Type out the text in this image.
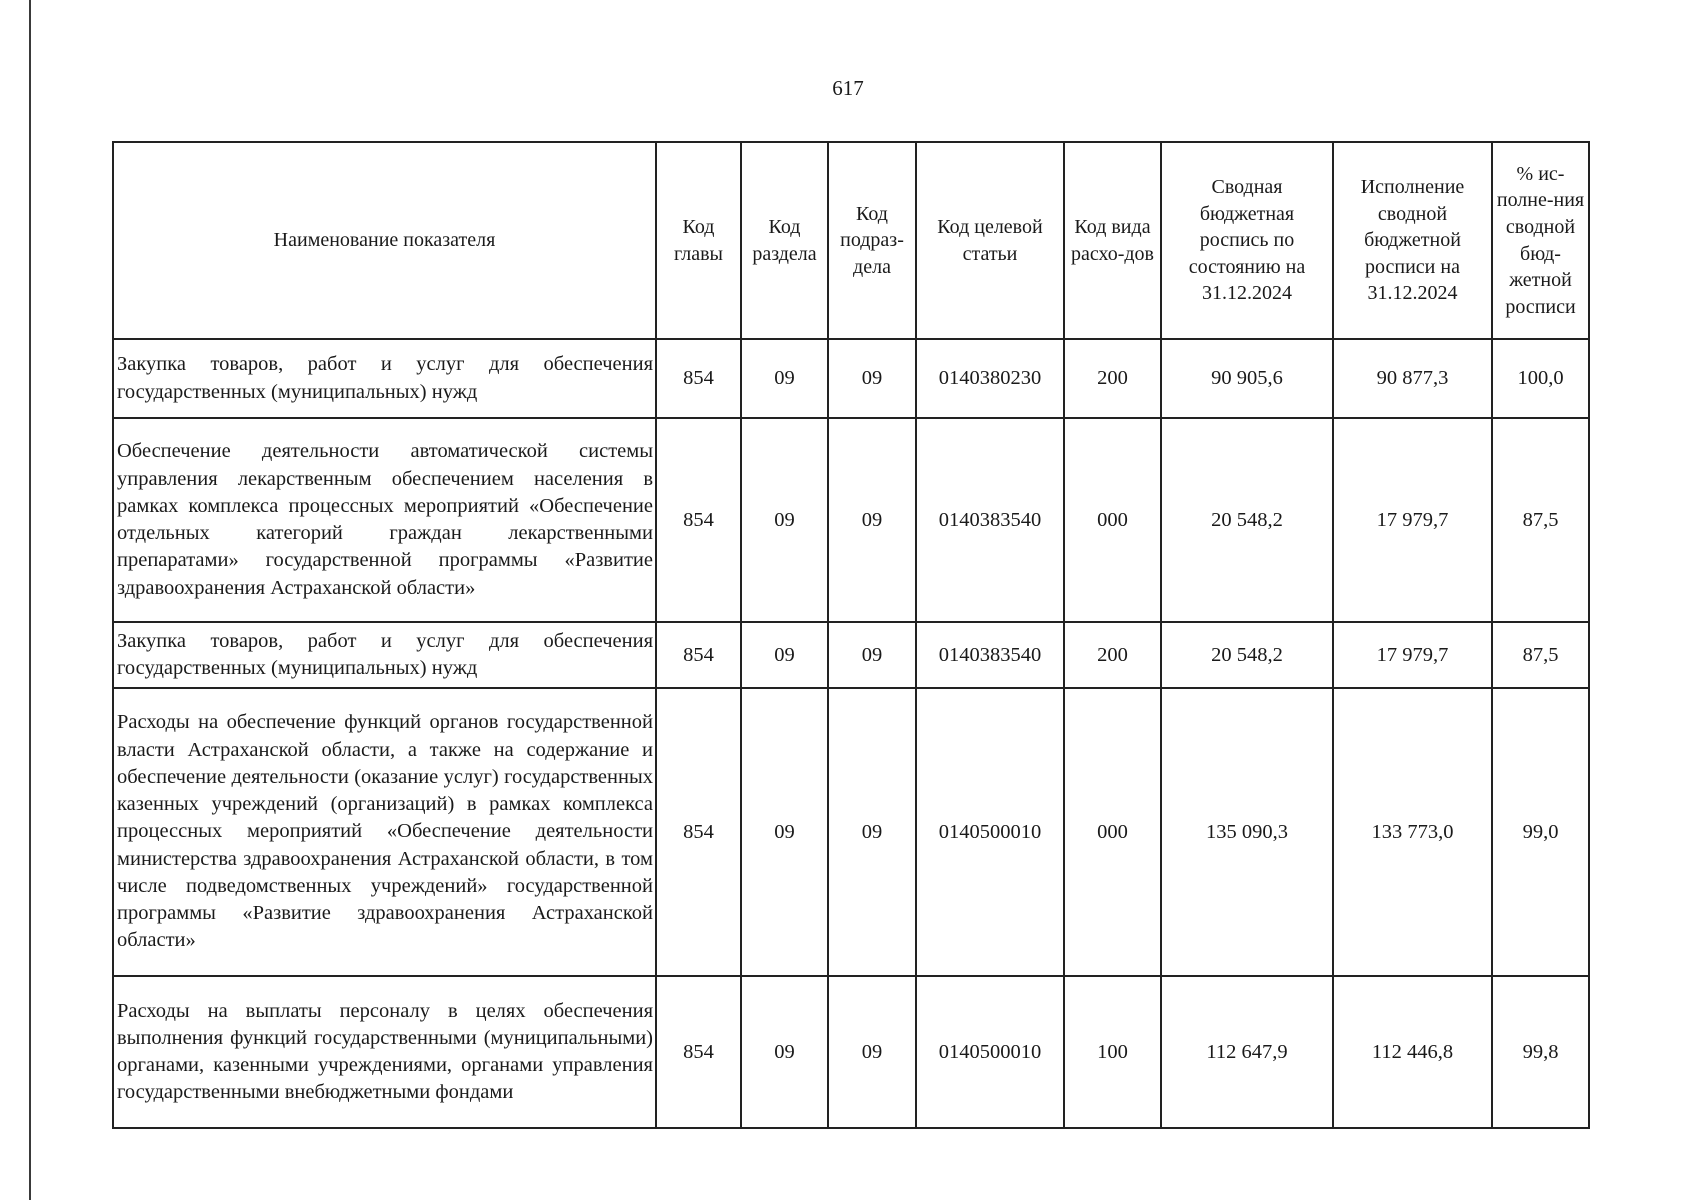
617
Наименование показателя	Код главы	Код раздела	Код подраз-дела	Код целевой статьи	Код вида расхо-дов	Сводная бюджетная роспись по состоянию на 31.12.2024	Исполнение сводной бюджетной росписи на 31.12.2024	% ис-полне-ния сводной бюд-жетной росписи
Закупка товаров, работ и услуг для обеспечения государственных (муниципальных) нужд	854	09	09	0140380230	200	90 905,6	90 877,3	100,0
Обеспечение деятельности автоматической системы управления лекарственным обеспечением населения в рамках комплекса процессных мероприятий «Обеспечение отдельных категорий граждан лекарственными препаратами» государственной программы «Развитие здравоохранения Астраханской области»	854	09	09	0140383540	000	20 548,2	17 979,7	87,5
Закупка товаров, работ и услуг для обеспечения государственных (муниципальных) нужд	854	09	09	0140383540	200	20 548,2	17 979,7	87,5
Расходы на обеспечение функций органов государственной власти Астраханской области, а также на содержание и обеспечение деятельности (оказание услуг) государственных казенных учреждений (организаций) в рамках комплекса процессных мероприятий «Обеспечение деятельности министерства здравоохранения Астраханской области, в том числе подведомственных учреждений» государственной программы «Развитие здравоохранения Астраханской области»	854	09	09	0140500010	000	135 090,3	133 773,0	99,0
Расходы на выплаты персоналу в целях обеспечения выполнения функций государственными (муниципальными) органами, казенными учреждениями, органами управления государственными внебюджетными фондами	854	09	09	0140500010	100	112 647,9	112 446,8	99,8
